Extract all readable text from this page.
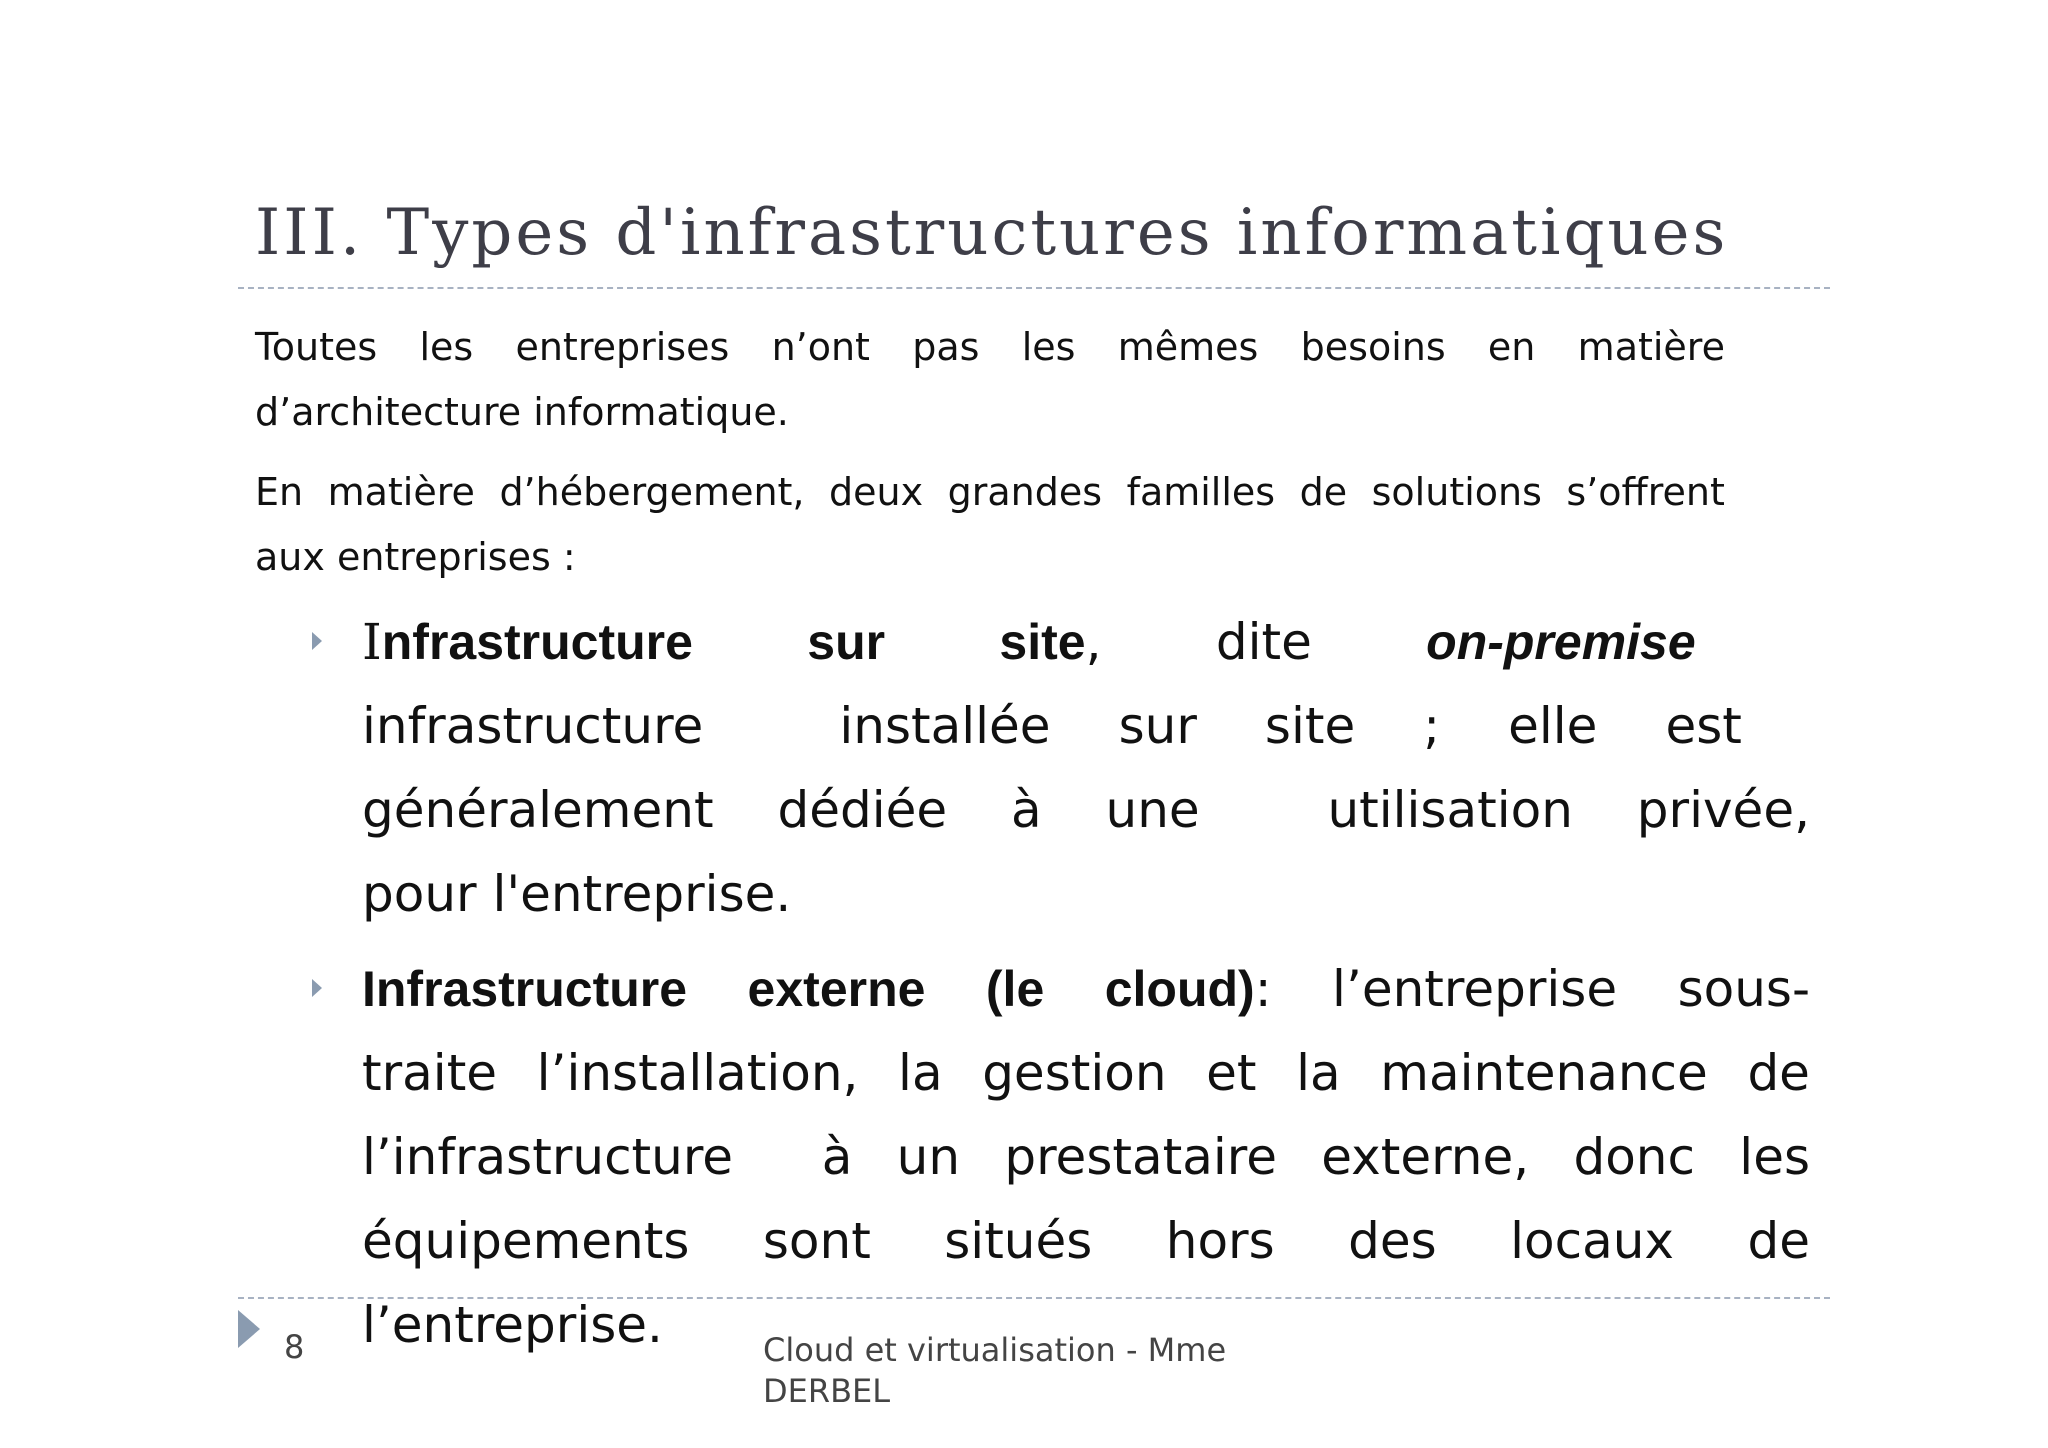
III. Types d'infrastructures informatiques
Toutes les entreprises n’ont pas les mêmes besoins en matière
d’architecture informatique.
En matière d’hébergement, deux grandes familles de solutions s’offrent
aux entreprises :
Infrastructure sur site, dite on-premise
infrastructure	installée sur site ; elle est
généralement dédiée à une	utilisation privée,
pour l'entreprise.
Infrastructure externe (le cloud): l’entreprise sous-
traite l’installation, la gestion et la maintenance de
l’infrastructure à un prestataire externe, donc les
équipements sont situés hors des locaux de
l’entreprise.
8	Cloud et virtualisation - Mme DERBEL
